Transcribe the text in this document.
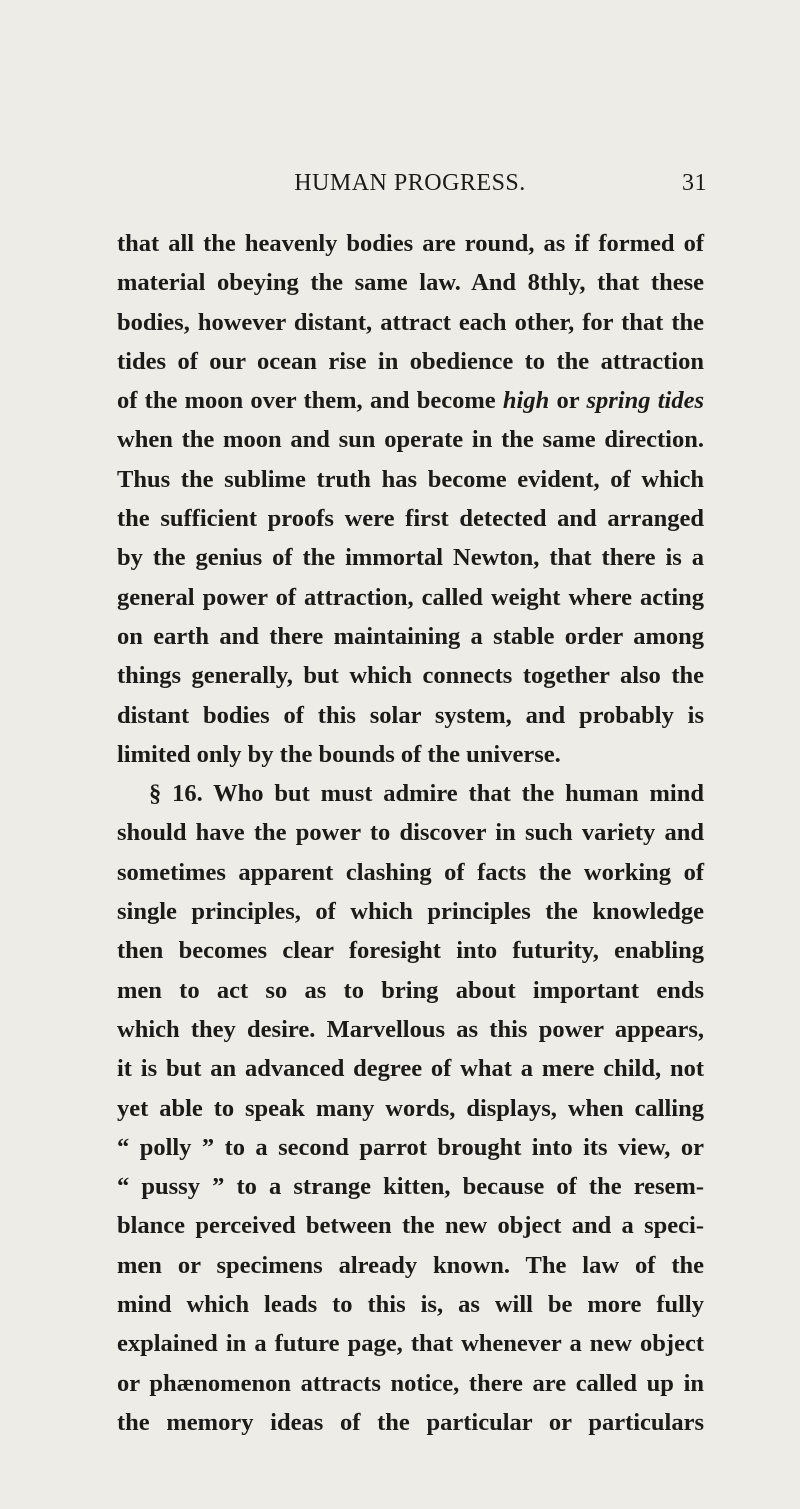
HUMAN PROGRESS.	31
that all the heavenly bodies are round, as if formed of
material obeying the same law. And 8thly, that these
bodies, however distant, attract each other, for that the
tides of our ocean rise in obedience to the attraction
of the moon over them, and become high or spring tides
when the moon and sun operate in the same direction.
Thus the sublime truth has become evident, of which
the sufficient proofs were first detected and arranged
by the genius of the immortal Newton, that there is a
general power of attraction, called weight where acting
on earth and there maintaining a stable order among
things generally, but which connects together also the
distant bodies of this solar system, and probably is
limited only by the bounds of the universe.
§ 16. Who but must admire that the human mind
should have the power to discover in such variety and
sometimes apparent clashing of facts the working of
single principles, of which principles the knowledge
then becomes clear foresight into futurity, enabling
men to act so as to bring about important ends
which they desire. Marvellous as this power appears,
it is but an advanced degree of what a mere child, not
yet able to speak many words, displays, when calling
“ polly ” to a second parrot brought into its view, or
“ pussy ” to a strange kitten, because of the resem-
blance perceived between the new object and a speci-
men or specimens already known. The law of the
mind which leads to this is, as will be more fully
explained in a future page, that whenever a new object
or phænomenon attracts notice, there are called up in
the memory ideas of the particular or particulars
